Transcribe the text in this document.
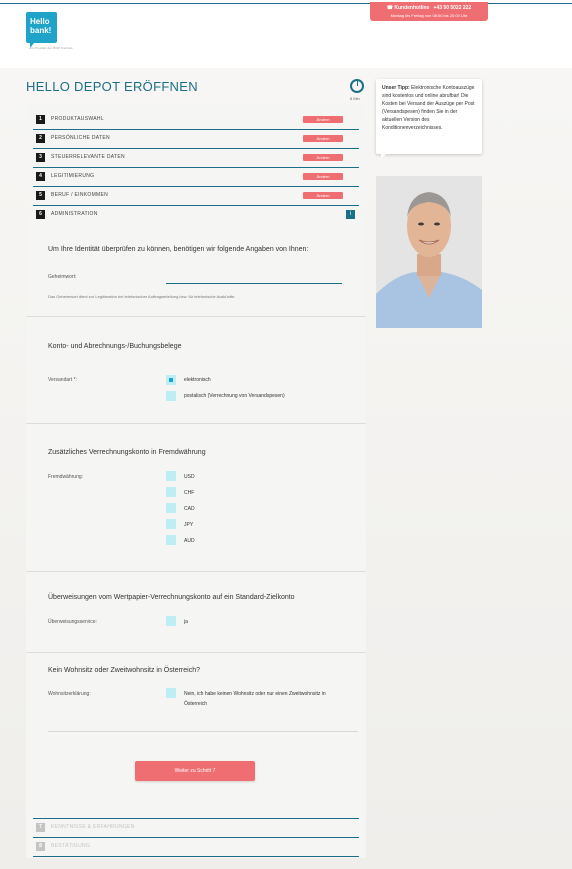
Hello
bank!
ein Produkt der BNP Paribas
☎ Kundenhotline +43 50 5022 222
Montag bis Freitag von 08:00 bis 20:00 Uhr
HELLO DEPOT ERÖFFNEN
8 Min
1	PRODUKTAUSWAHL	Ändern
2	PERSÖNLICHE DATEN	Ändern
3	STEUERRELEVANTE DATEN	Ändern
4	LEGITIMIERUNG	Ändern
5	BERUF / EINKOMMEN	Ändern
6	ADMINISTRATION	i
Um Ihre Identität überprüfen zu können, benötigen wir folgende Angaben von Ihnen:
Geheimwort:
Das Geheimwort dient zur Legitimation bei telefonischer Auftragserteilung bzw. für telefonische Auskünfte.
Konto- und Abrechnungs-/Buchungsbelege
Versandart *:	elektronisch
postalisch (Verrechnung von Versandspesen)
Zusätzliches Verrechnungskonto in Fremdwährung
Fremdwährung:	USD
CHF
CAD
JPY
AUD
Überweisungen vom Wertpapier-Verrechnungskonto auf ein Standard-Zielkonto
Überweisungsservice:	ja
Kein Wohnsitz oder Zweitwohnsitz in Österreich?
Wohnsitzerklärung:	Nein, ich habe keinen Wohnsitz oder nur einen Zweitwohnsitz in
Österreich
Weiter zu Schritt 7
7	KENNTNISSE & ERFAHRUNGEN
8	BESTÄTIGUNG
Unser Tipp: Elektronische Kontoauszüge sind kostenlos und online abrufbar! Die Kosten bei Versand der Auszüge per Post (Versandspesen) finden Sie in der aktuellen Version des Konditionenverzeichnisses.
